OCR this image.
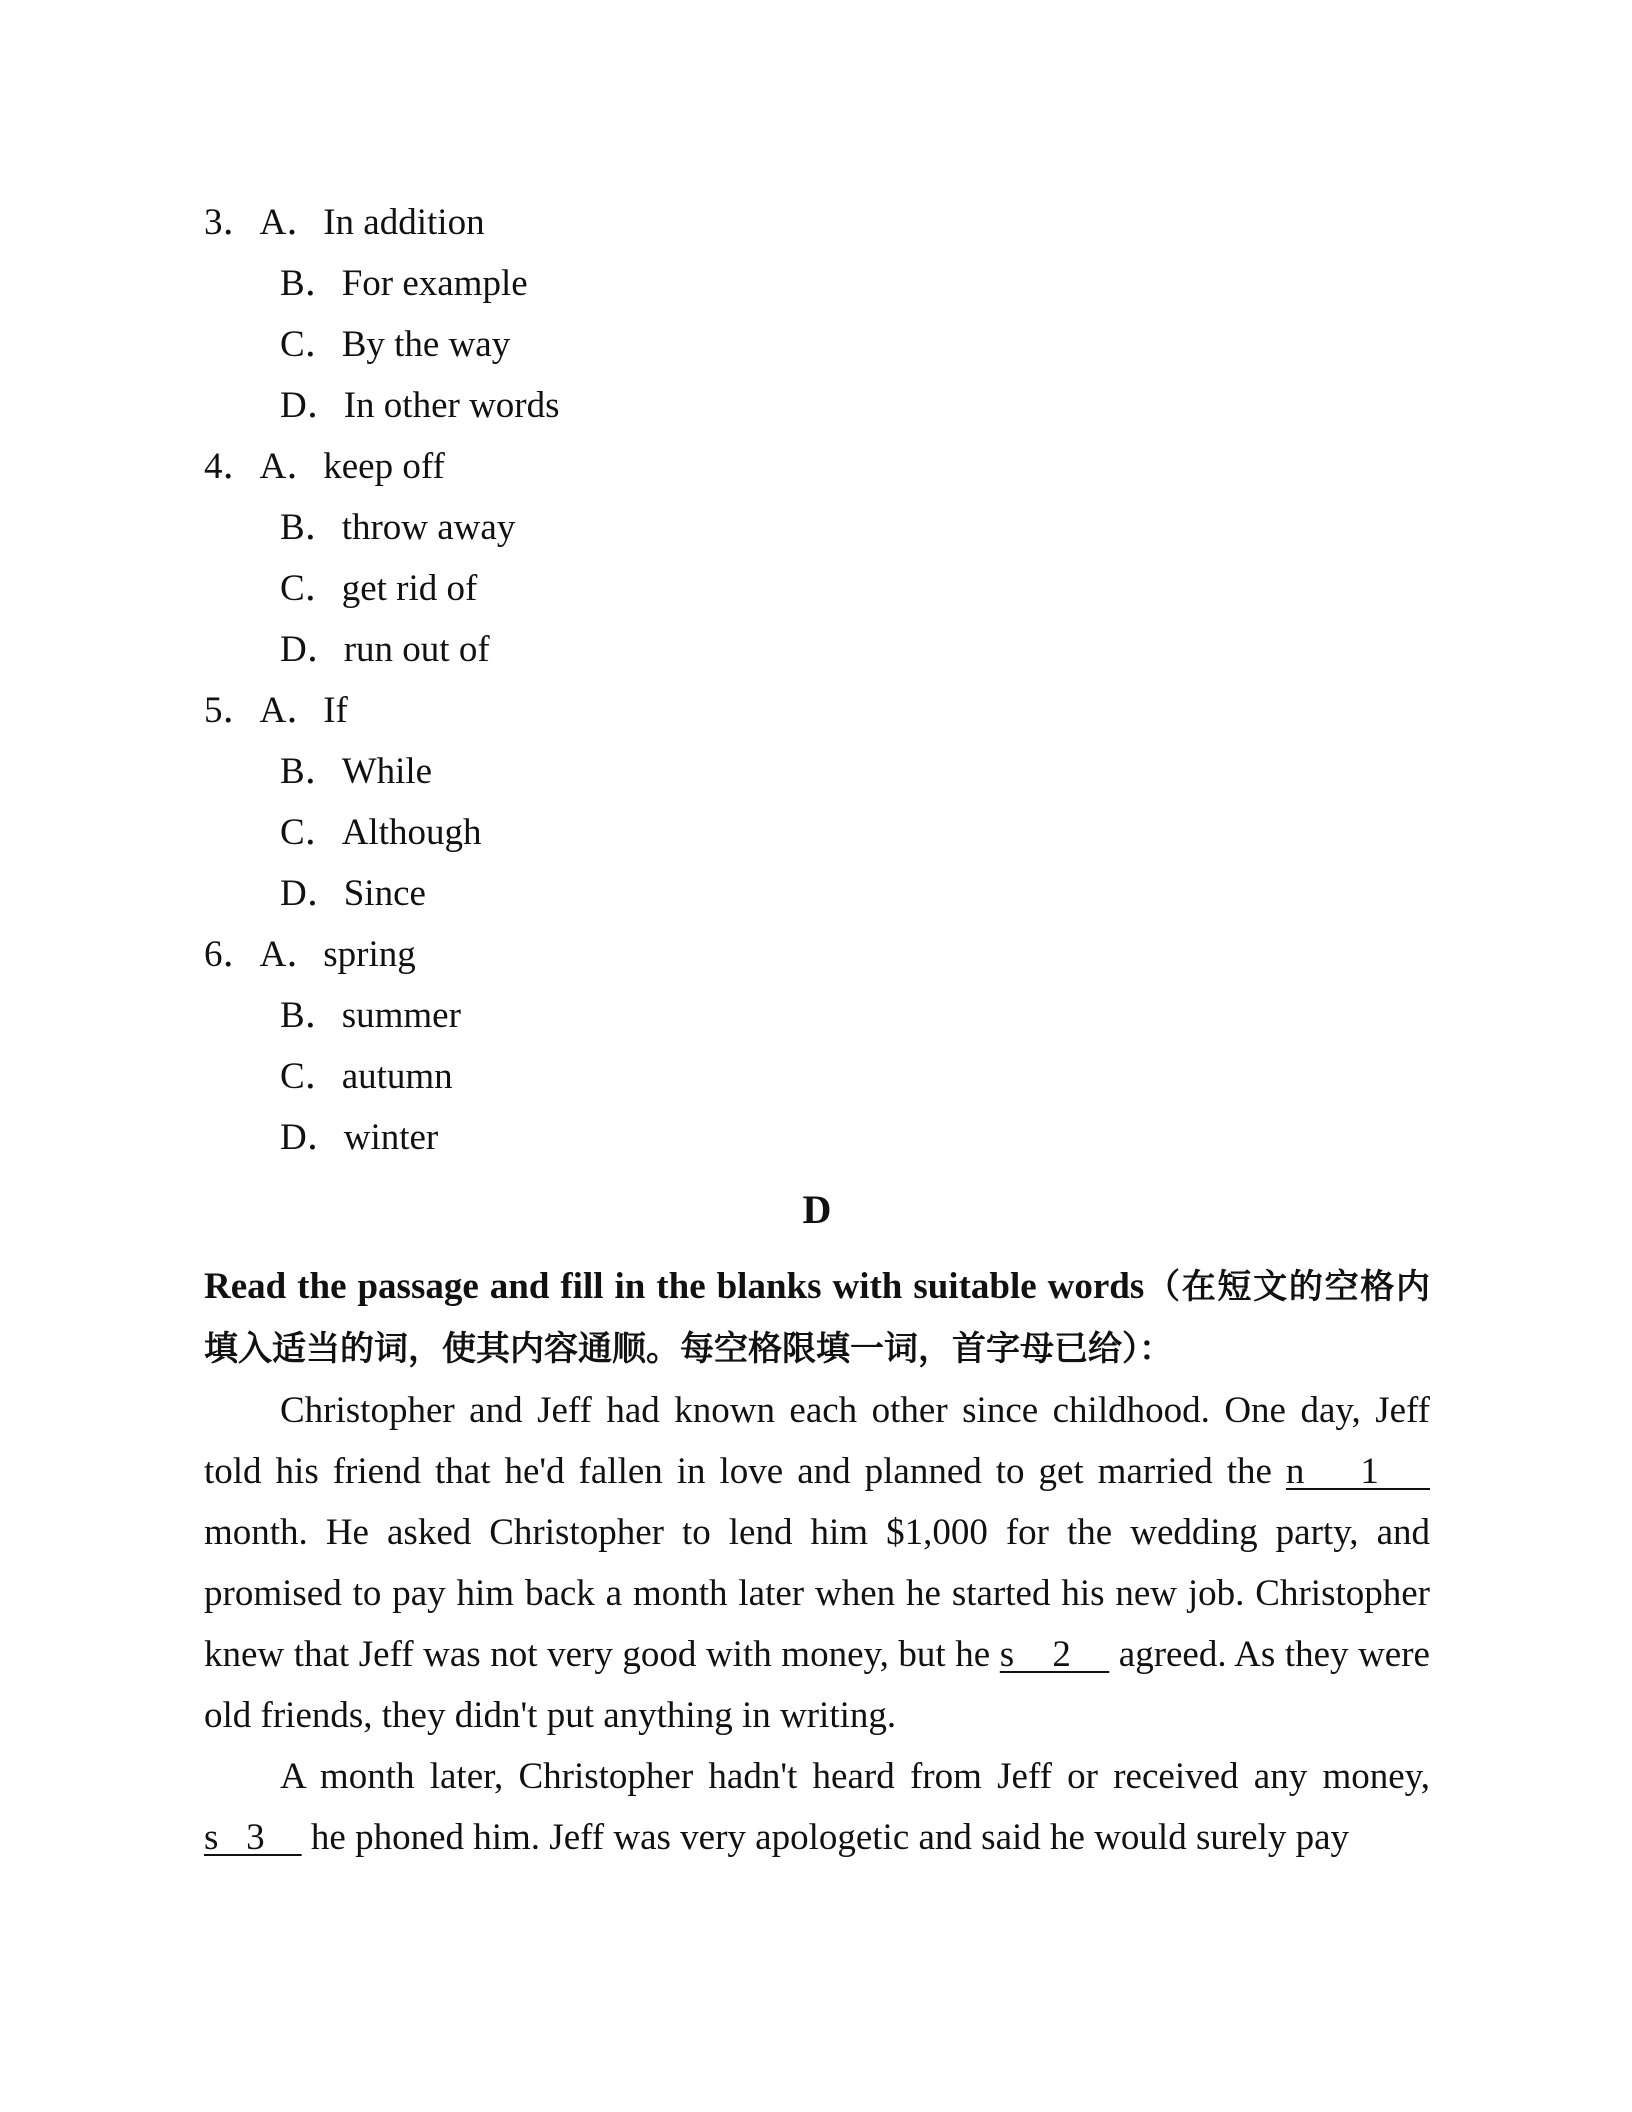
3．A．In addition
B．For example
C．By the way
D．In other words
4．A．keep off
B．throw away
C．get rid of
D．run out of
5．A．If
B．While
C．Although
D．Since
6．A．spring
B．summer
C．autumn
D．winter
D
Read the passage and fill in the blanks with suitable words（在短文的空格内填入适当的词，使其内容通顺。每空格限填一词，首字母已给）：

Christopher and Jeff had known each other since childhood. One day, Jeff told his friend that he'd fallen in love and planned to get married the n    1     month. He asked Christopher to lend him $1,000 for the wedding party, and promised to pay him back a month later when he started his new job. Christopher knew that Jeff was not very good with money, but he s    2     agreed. As they were old friends, they didn't put anything in writing.

A month later, Christopher hadn't heard from Jeff or received any money, s   3     he phoned him. Jeff was very apologetic and said he would surely pay
